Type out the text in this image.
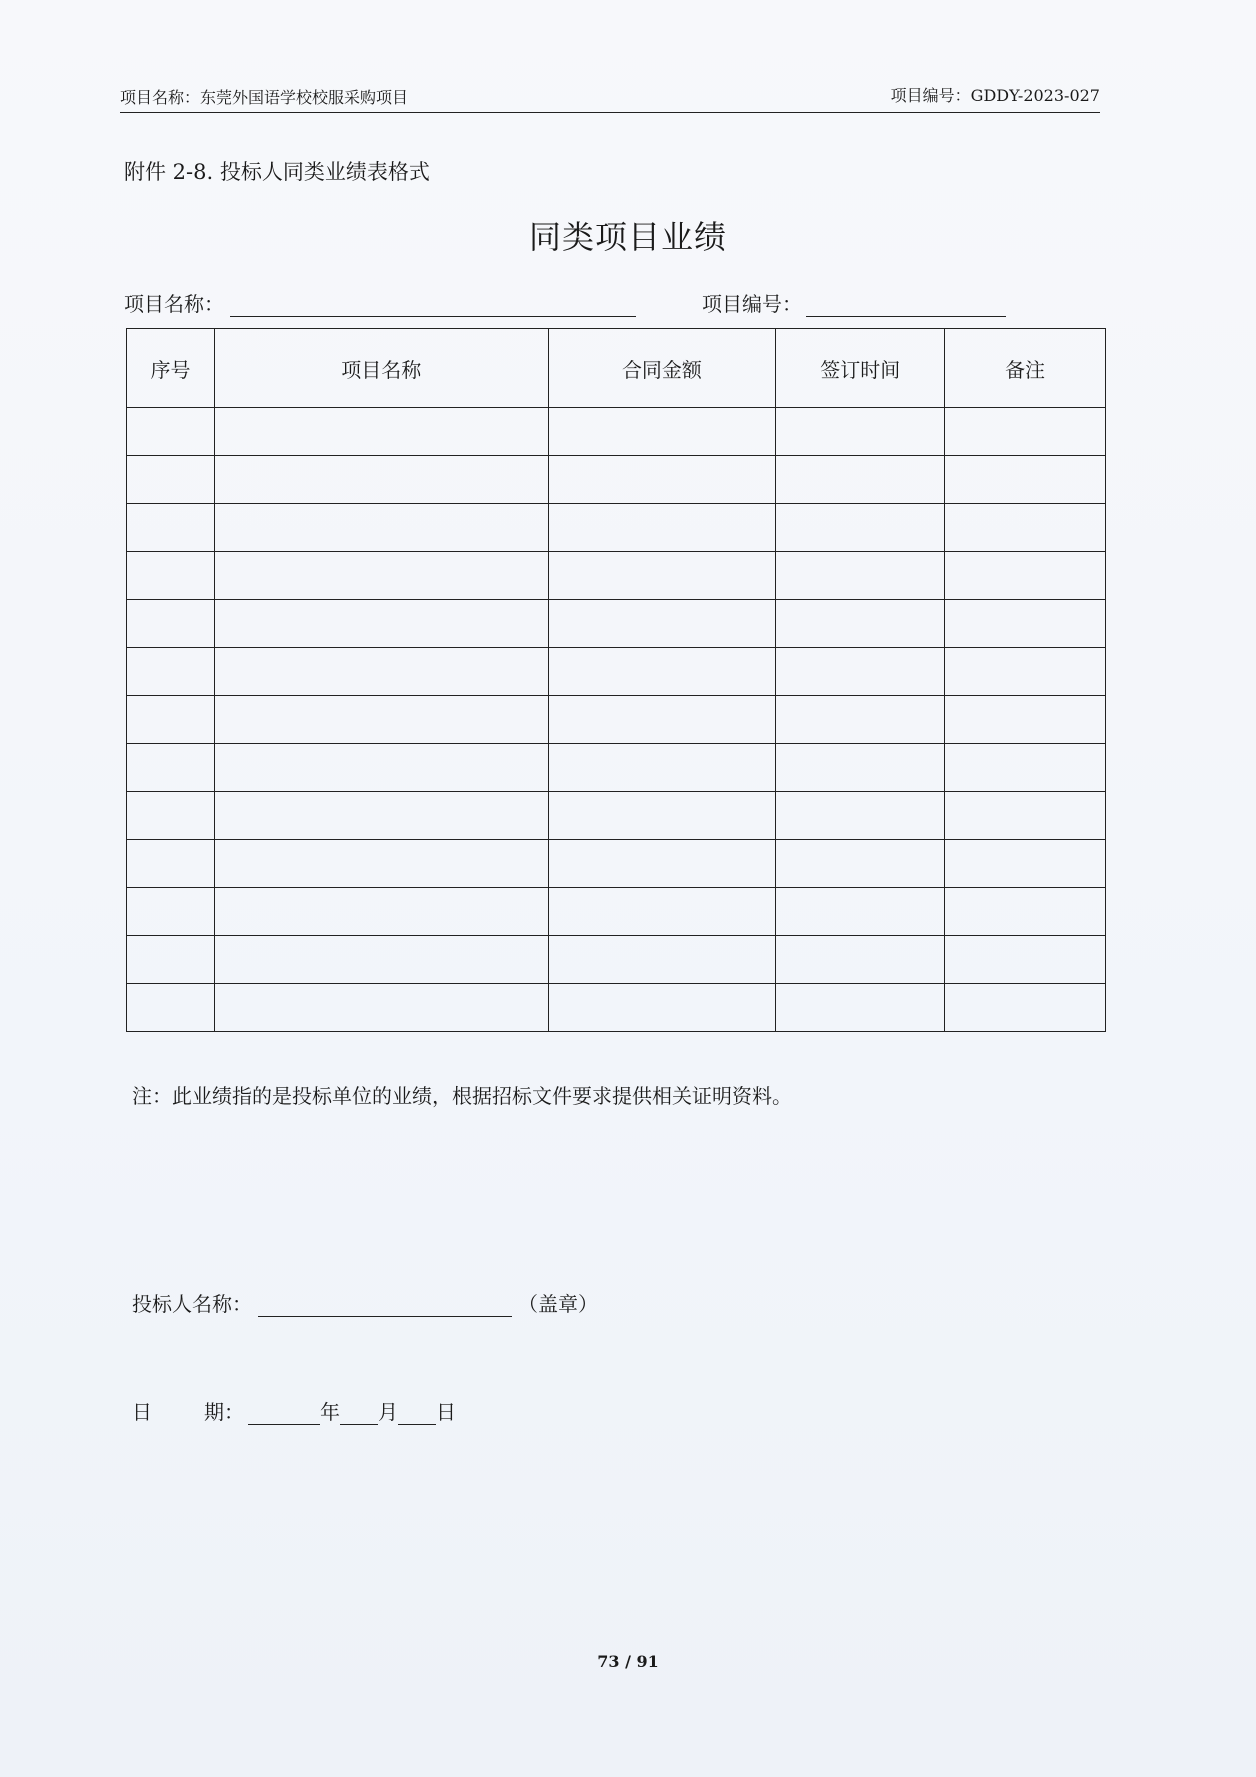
项目名称：东莞外国语学校校服采购项目	项目编号：GDDY-2023-027
附件 2-8. 投标人同类业绩表格式
同类项目业绩
项目名称：	项目编号：
序号	项目名称	合同金额	签订时间	备注

注：此业绩指的是投标单位的业绩，根据招标文件要求提供相关证明资料。
投标人名称：	（盖章）
日	期：	年 月 日
73 / 91
